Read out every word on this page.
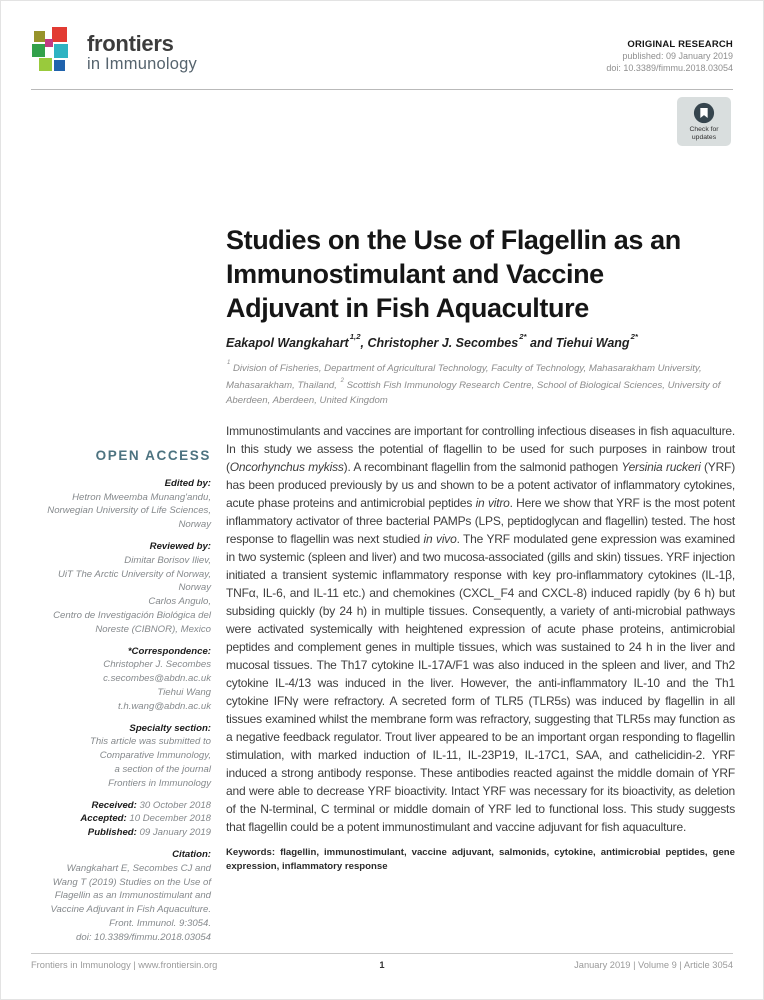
frontiers
in Immunology
ORIGINAL RESEARCH
published: 09 January 2019
doi: 10.3389/fimmu.2018.03054
Check for
updates
OPEN ACCESS
Edited by:
Hetron Mweemba Munang'andu,
Norwegian University of Life Sciences,
Norway
Reviewed by:
Dimitar Borisov Iliev,
UiT The Arctic University of Norway,
Norway
Carlos Angulo,
Centro de Investigación Biológica del
Noreste (CIBNOR), Mexico
*Correspondence:
Christopher J. Secombes
c.secombes@abdn.ac.uk
Tiehui Wang
t.h.wang@abdn.ac.uk
Specialty section:
This article was submitted to
Comparative Immunology,
a section of the journal
Frontiers in Immunology
Received: 30 October 2018
Accepted: 10 December 2018
Published: 09 January 2019
Citation:
Wangkahart E, Secombes CJ and
Wang T (2019) Studies on the Use of
Flagellin as an Immunostimulant and
Vaccine Adjuvant in Fish Aquaculture.
Front. Immunol. 9:3054.
doi: 10.3389/fimmu.2018.03054
Studies on the Use of Flagellin as an
Immunostimulant and Vaccine
Adjuvant in Fish Aquaculture
Eakapol Wangkahart$^{1,2}$, Christopher J. Secombes$^{2*}$ and Tiehui Wang$^{2*}$
$^1$ Division of Fisheries, Department of Agricultural Technology, Faculty of Technology, Mahasarakham University, Mahasarakham, Thailand, $^2$ Scottish Fish Immunology Research Centre, School of Biological Sciences, University of Aberdeen, Aberdeen, United Kingdom

Immunostimulants and vaccines are important for controlling infectious diseases in fish aquaculture. In this study we assess the potential of flagellin to be used for such purposes in rainbow trout (Oncorhynchus mykiss). A recombinant flagellin from the salmonid pathogen Yersinia ruckeri (YRF) has been produced previously by us and shown to be a potent activator of inflammatory cytokines, acute phase proteins and antimicrobial peptides in vitro. Here we show that YRF is the most potent inflammatory activator of three bacterial PAMPs (LPS, peptidoglycan and flagellin) tested. The host response to flagellin was next studied in vivo. The YRF modulated gene expression was examined in two systemic (spleen and liver) and two mucosa-associated (gills and skin) tissues. YRF injection initiated a transient systemic inflammatory response with key pro-inflammatory cytokines (IL-1β, TNFα, IL-6, and IL-11 etc.) and chemokines (CXCL_F4 and CXCL-8) induced rapidly (by 6 h) but subsiding quickly (by 24 h) in multiple tissues. Consequently, a variety of anti-microbial pathways were activated systemically with heightened expression of acute phase proteins, antimicrobial peptides and complement genes in multiple tissues, which was sustained to 24 h in the liver and mucosal tissues. The Th17 cytokine IL-17A/F1 was also induced in the spleen and liver, and Th2 cytokine IL-4/13 was induced in the liver. However, the anti-inflammatory IL-10 and the Th1 cytokine IFNγ were refractory. A secreted form of TLR5 (TLR5s) was induced by flagellin in all tissues examined whilst the membrane form was refractory, suggesting that TLR5s may function as a negative feedback regulator. Trout liver appeared to be an important organ responding to flagellin stimulation, with marked induction of IL-11, IL-23P19, IL-17C1, SAA, and cathelicidin-2. YRF induced a strong antibody response. These antibodies reacted against the middle domain of YRF and were able to decrease YRF bioactivity. Intact YRF was necessary for its bioactivity, as deletion of the N-terminal, C terminal or middle domain of YRF led to functional loss. This study suggests that flagellin could be a potent immunostimulant and vaccine adjuvant for fish aquaculture.

Keywords: flagellin, immunostimulant, vaccine adjuvant, salmonids, cytokine, antimicrobial peptides, gene expression, inflammatory response

Frontiers in Immunology | www.frontiersin.org	1	January 2019 | Volume 9 | Article 3054
